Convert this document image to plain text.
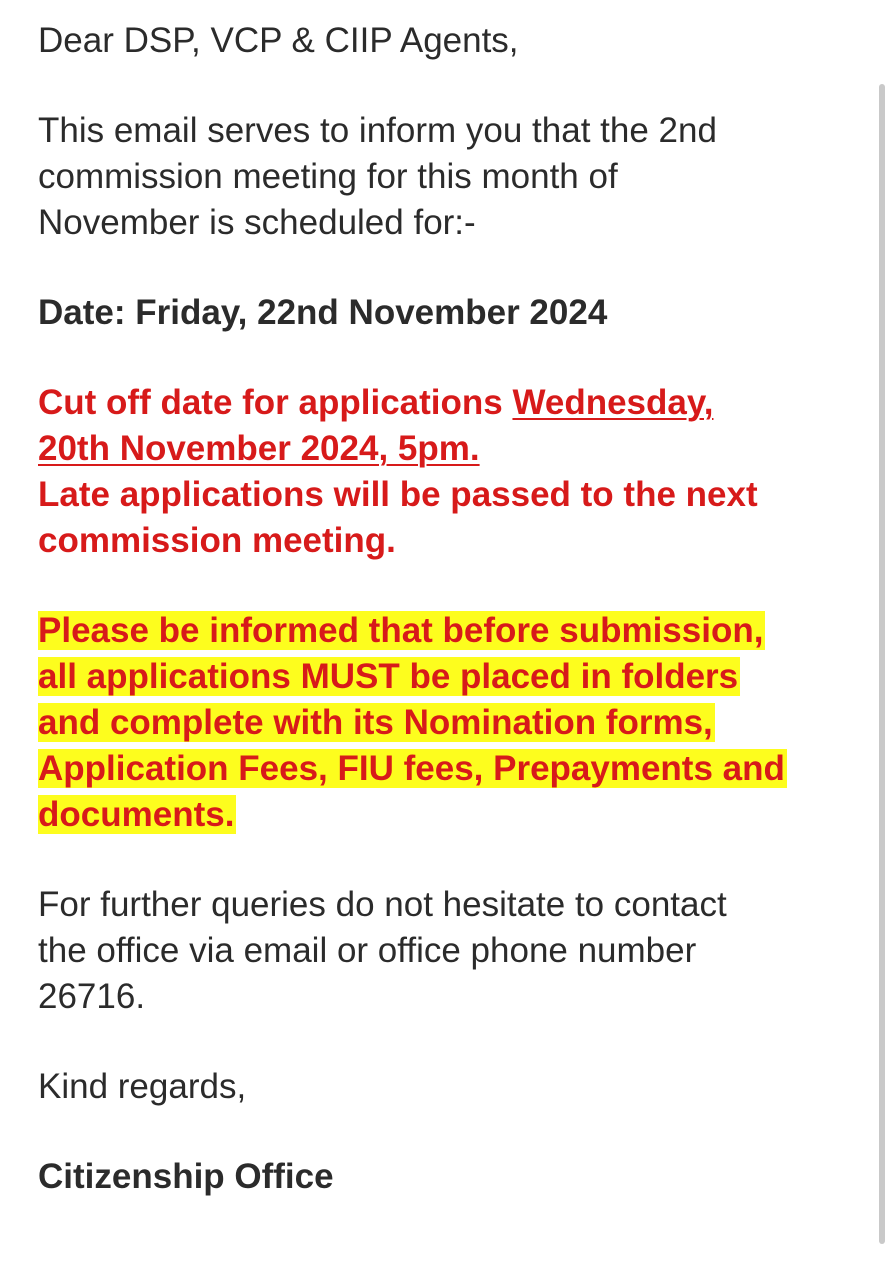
Dear DSP, VCP & CIIP Agents,

This email serves to inform you that the 2nd
commission meeting for this month of
November is scheduled for:-

Date: Friday, 22nd November 2024

Cut off date for applications Wednesday,
20th November 2024, 5pm.
Late applications will be passed to the next
commission meeting.

Please be informed that before submission,
all applications MUST be placed in folders
and complete with its Nomination forms,
Application Fees, FIU fees, Prepayments and
documents.

For further queries do not hesitate to contact
the office via email or office phone number
26716.

Kind regards,

Citizenship Office
